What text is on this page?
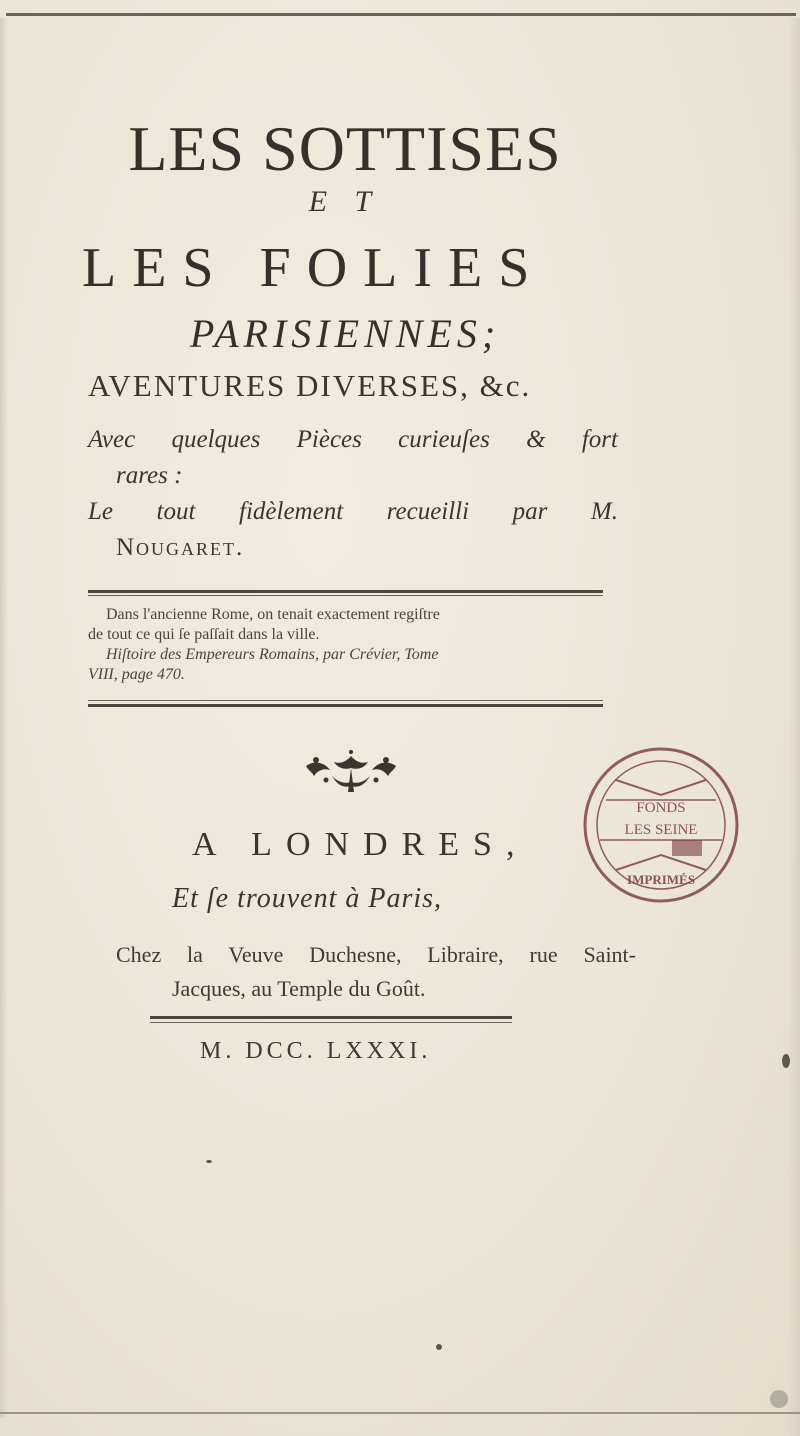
LES SOTTISES
E T
LES FOLIES
PARISIENNES;
AVENTURES DIVERSES, &c.
Avec quelques Pièces curieuſes & fort
rares :
Le tout fidèlement recueilli par M.
Nougaret.
Dans l'ancienne Rome, on tenait exactement regiſtre
de tout ce qui ſe paſſait dans la ville.
Hiſtoire des Empereurs Romains, par Crévier, Tome
VIII, page 470.
A LONDRES,
Et ſe trouvent à Paris,
Chez la Veuve Duchesne, Libraire, rue Saint-
Jacques, au Temple du Goût.
M. DCC. LXXXI.
FONDS
LES SEINE
IMPRIMÉS
